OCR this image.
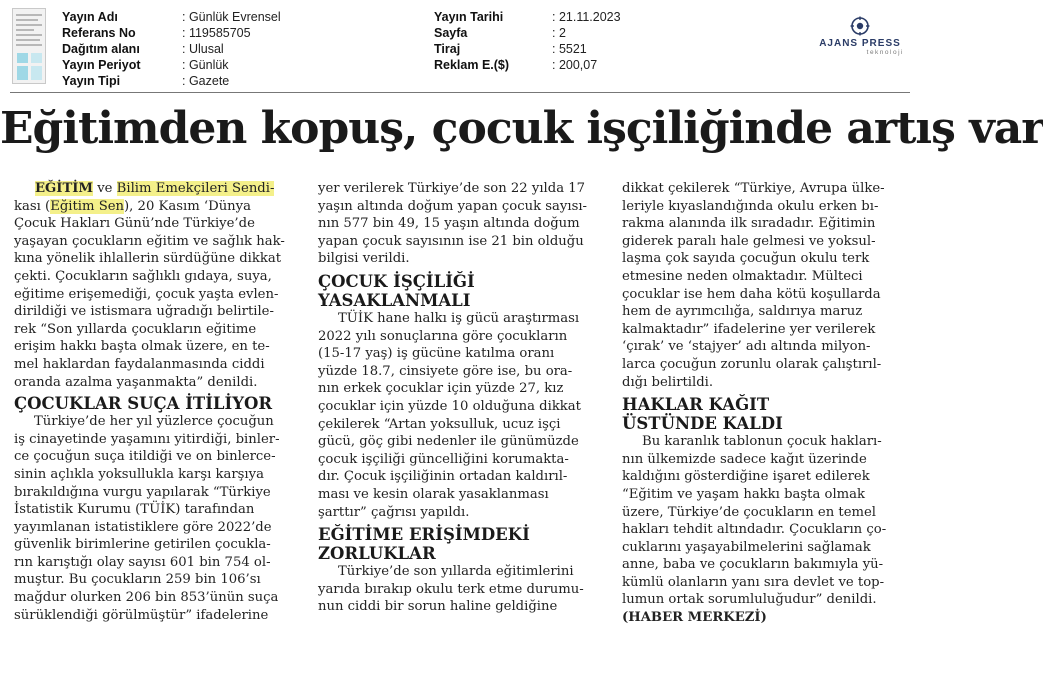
Yayın Adı	: Günlük Evrensel
Referans No	: 119585705
Dağıtım alanı	: Ulusal
Yayın Periyot	: Günlük
Yayın Tipi	: Gazete
Yayın Tarihi	: 21.11.2023
Sayfa	: 2
Tiraj	: 5521
Reklam E.($)	: 200,07
AJANS PRESS
teknoloji
Eğitimden kopuş, çocuk işçiliğinde artış var

EĞİTİM ve Bilim Emekçileri Sendi-
kası (Eğitim Sen), 20 Kasım ‘Dünya

Çocuk Hakları Günü’nde Türkiye’de
yaşayan çocukların eğitim ve sağlık hak-
kına yönelik ihlallerin sürdüğüne dikkat
çekti. Çocukların sağlıklı gıdaya, suya,
eğitime erişemediği, çocuk yaşta evlen-
dirildiği ve istismara uğradığı belirtile-
rek “Son yıllarda çocukların eğitime
erişim hakkı başta olmak üzere, en te-
mel haklardan faydalanmasında ciddi
oranda azalma yaşanmakta” denildi.

ÇOCUKLAR SUÇA İTİLİYOR

Türkiye’de her yıl yüzlerce çocuğun
iş cinayetinde yaşamını yitirdiği, binler-
ce çocuğun suça itildiği ve on binlerce-
sinin açlıkla yoksullukla karşı karşıya
bırakıldığına vurgu yapılarak “Türkiye
İstatistik Kurumu (TÜİK) tarafından
yayımlanan istatistiklere göre 2022’de
güvenlik birimlerine getirilen çocukla-
rın karıştığı olay sayısı 601 bin 754 ol-
muştur. Bu çocukların 259 bin 106’sı
mağdur olurken 206 bin 853’ünün suça
sürüklendiği görülmüştür” ifadelerine

yer verilerek Türkiye’de son 22 yılda 17
yaşın altında doğum yapan çocuk sayısı-
nın 577 bin 49, 15 yaşın altında doğum
yapan çocuk sayısının ise 21 bin olduğu
bilgisi verildi.

ÇOCUK İŞÇİLİĞİ
YASAKLANMALI

TÜİK hane halkı iş gücü araştırması
2022 yılı sonuçlarına göre çocukların
(15-17 yaş) iş gücüne katılma oranı
yüzde 18.7, cinsiyete göre ise, bu ora-
nın erkek çocuklar için yüzde 27, kız
çocuklar için yüzde 10 olduğuna dikkat
çekilerek “Artan yoksulluk, ucuz işçi
gücü, göç gibi nedenler ile günümüzde
çocuk işçiliği güncelliğini korumakta-
dır. Çocuk işçiliğinin ortadan kaldırıl-
ması ve kesin olarak yasaklanması
şarttır” çağrısı yapıldı.

EĞİTİME ERİŞİMDEKİ
ZORLUKLAR

Türkiye’de son yıllarda eğitimlerini
yarıda bırakıp okulu terk etme durumu-
nun ciddi bir sorun haline geldiğine

dikkat çekilerek “Türkiye, Avrupa ülke-
leriyle kıyaslandığında okulu erken bı-
rakma alanında ilk sıradadır. Eğitimin
giderek paralı hale gelmesi ve yoksul-
laşma çok sayıda çocuğun okulu terk
etmesine neden olmaktadır. Mülteci
çocuklar ise hem daha kötü koşullarda
hem de ayrımcılığa, saldırıya maruz
kalmaktadır” ifadelerine yer verilerek
‘çırak’ ve ‘stajyer’ adı altında milyon-
larca çocuğun zorunlu olarak çalıştırıl-
dığı belirtildi.

HAKLAR KAĞIT
ÜSTÜNDE KALDI

Bu karanlık tablonun çocuk hakları-
nın ülkemizde sadece kağıt üzerinde
kaldığını gösterdiğine işaret edilerek
“Eğitim ve yaşam hakkı başta olmak
üzere, Türkiye’de çocukların en temel
hakları tehdit altındadır. Çocukların ço-
cuklarını yaşayabilmelerini sağlamak
anne, baba ve çocukların bakımıyla yü-
kümlü olanların yanı sıra devlet ve top-
lumun ortak sorumluluğudur” denildi.

(HABER MERKEZİ)
